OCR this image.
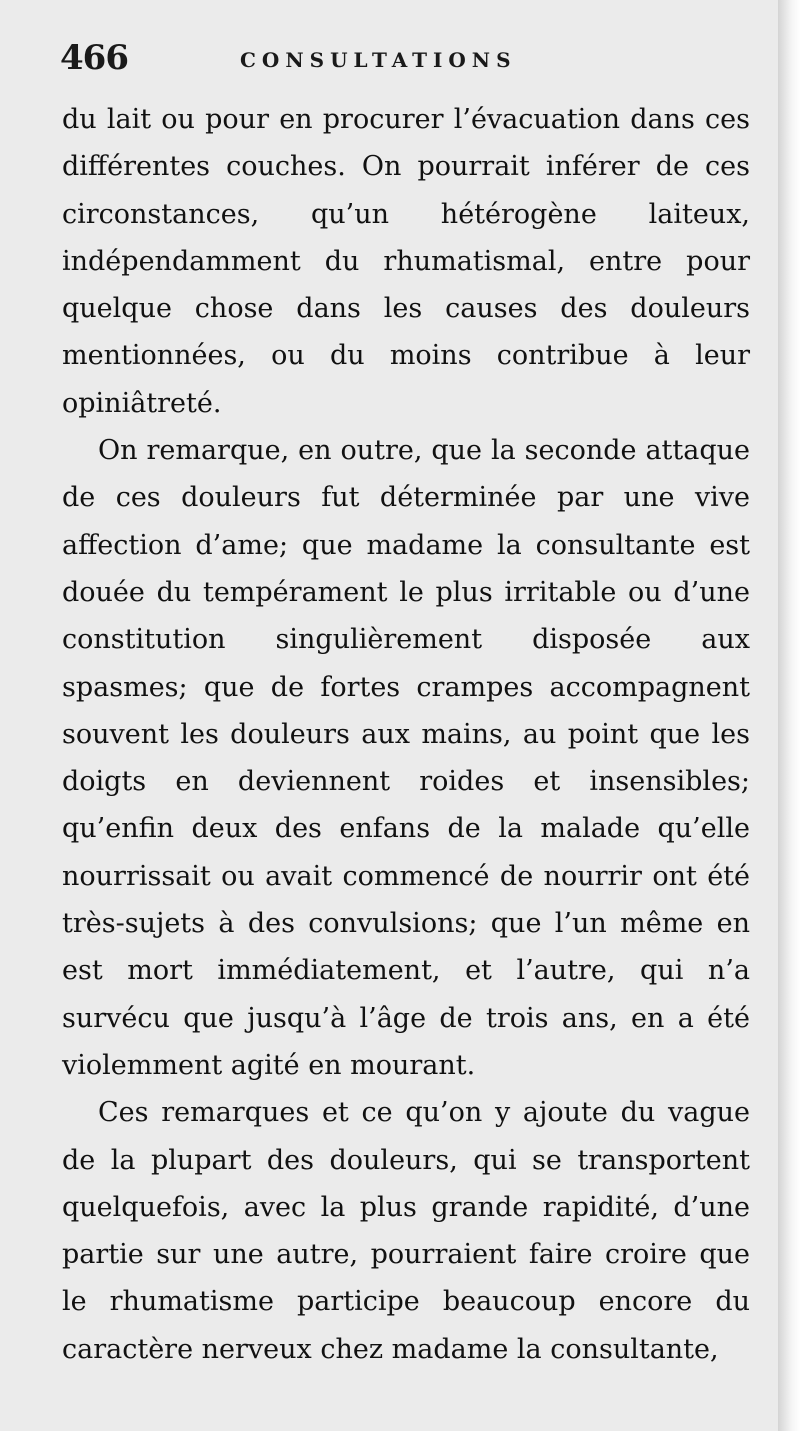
466	CONSULTATIONS

du lait ou pour en procurer l’évacuation dans ces différentes couches. On pourrait inférer de ces circonstances, qu’un hétérogène laiteux, indépendamment du rhumatismal, entre pour quelque chose dans les causes des douleurs mentionnées, ou du moins contribue à leur opiniâtreté.

On remarque, en outre, que la seconde attaque de ces douleurs fut déterminée par une vive affection d’ame; que madame la consultante est douée du tempérament le plus irritable ou d’une constitution singulièrement disposée aux spasmes; que de fortes crampes accompagnent souvent les douleurs aux mains, au point que les doigts en deviennent roides et insensibles; qu’enfin deux des enfans de la malade qu’elle nourrissait ou avait commencé de nourrir ont été très-sujets à des convulsions; que l’un même en est mort immédiatement, et l’autre, qui n’a survécu que jusqu’à l’âge de trois ans, en a été violemment agité en mourant.

Ces remarques et ce qu’on y ajoute du vague de la plupart des douleurs, qui se transportent quelquefois, avec la plus grande rapidité, d’une partie sur une autre, pourraient faire croire que le rhumatisme participe beaucoup encore du caractère nerveux chez madame la consultante,
